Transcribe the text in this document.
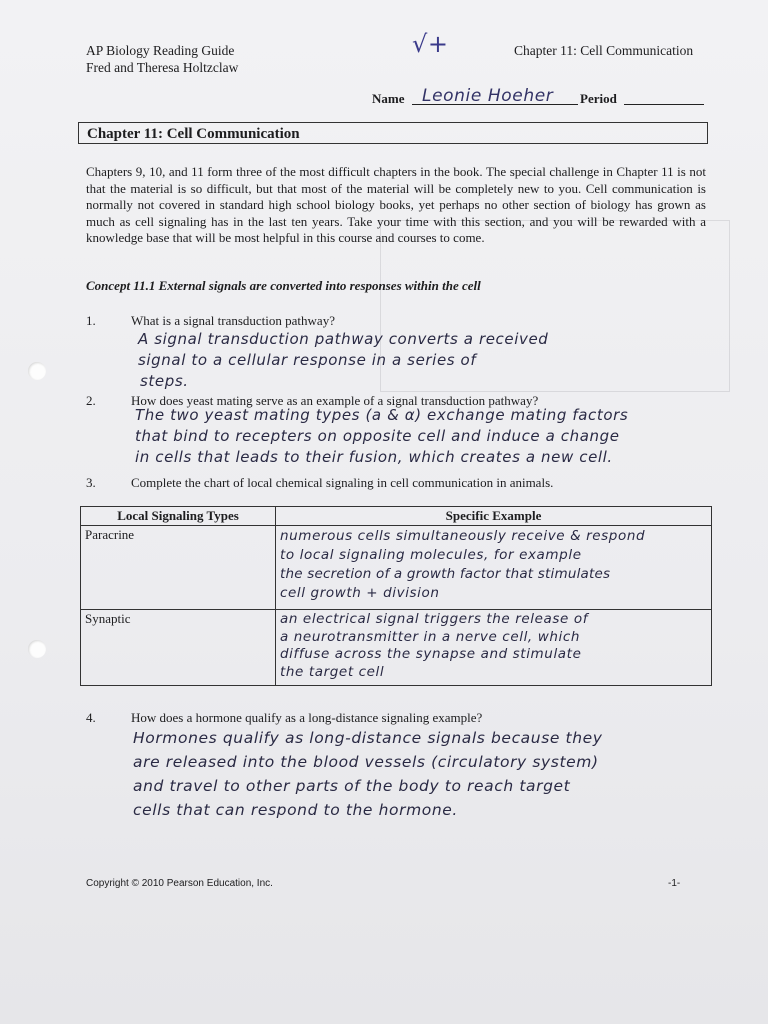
AP Biology Reading Guide
Fred and Theresa Holtzclaw
Chapter 11: Cell Communication
√+
Name Leonie Hoeher Period
Chapter 11: Cell Communication
Chapters 9, 10, and 11 form three of the most difficult chapters in the book. The special challenge in Chapter 11 is not that the material is so difficult, but that most of the material will be completely new to you. Cell communication is normally not covered in standard high school biology books, yet perhaps no other section of biology has grown as much as cell signaling has in the last ten years. Take your time with this section, and you will be rewarded with a knowledge base that will be most helpful in this course and courses to come.
Concept 11.1 External signals are converted into responses within the cell
1.	What is a signal transduction pathway?
A signal transduction pathway converts a received
signal to a cellular response in a series of
steps.
2.	How does yeast mating serve as an example of a signal transduction pathway?
The two yeast mating types (a & α) exchange mating factors
that bind to recepters on opposite cell and induce a change
in cells that leads to their fusion, which creates a new cell.
3.	Complete the chart of local chemical signaling in cell communication in animals.
Local Signaling Types	Specific Example
Paracrine	numerous cells simultaneously receive & respond
to local signaling molecules, for example
the secretion of a growth factor that stimulates
cell growth + division

Synaptic	an electrical signal triggers the release of
a neurotransmitter in a nerve cell, which
diffuse across the synapse and stimulate
the target cell
4.	How does a hormone qualify as a long-distance signaling example?
Hormones qualify as long-distance signals because they
are released into the blood vessels (circulatory system)
and travel to other parts of the body to reach target
cells that can respond to the hormone.
Copyright © 2010 Pearson Education, Inc.	-1-
